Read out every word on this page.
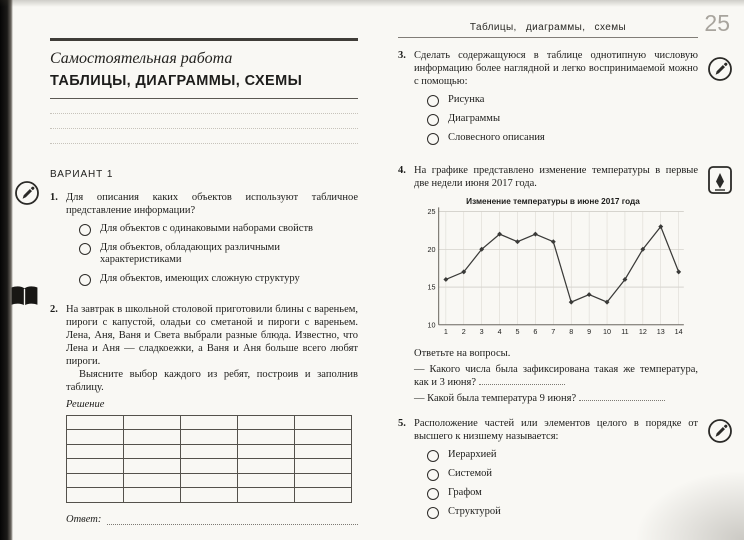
Таблицы, диаграммы, схемы	25
Самостоятельная работа
ТАБЛИЦЫ, ДИАГРАММЫ, СХЕМЫ
ВАРИАНТ 1
1. Для описания каких объектов используют табличное представление информации?
Для объектов с одинаковыми наборами свойств
Для объектов, обладающих различными характеристиками
Для объектов, имеющих сложную структуру
2. На завтрак в школьной столовой приготовили блины с вареньем, пироги с капустой, оладьи со сметаной и пироги с вареньем. Лена, Аня, Ваня и Света выбрали разные блюда. Известно, что Лена и Аня — сладкоежки, а Ваня и Аня больше всего любят пироги.
Выясните выбор каждого из ребят, построив и заполнив таблицу.
Решение

Ответ:
3. Сделать содержащуюся в таблице однотипную числовую информацию более наглядной и легко воспринимаемой можно с помощью:
Рисунка
Диаграммы
Словесного описания
4. На графике представлено изменение температуры в первые две недели июня 2017 года.
Изменение температуры в июне 2017 года
10
15
20
25
1 2 3 4 5 6 7 8 9 10 11 12 13 14
Ответьте на вопросы.
— Какого числа была зафиксирована такая же температура, как и 3 июня?
— Какой была температура 9 июня?
5. Расположение частей или элементов целого в порядке от высшего к низшему называется:
Иерархией
Системой
Графом
Структурой
